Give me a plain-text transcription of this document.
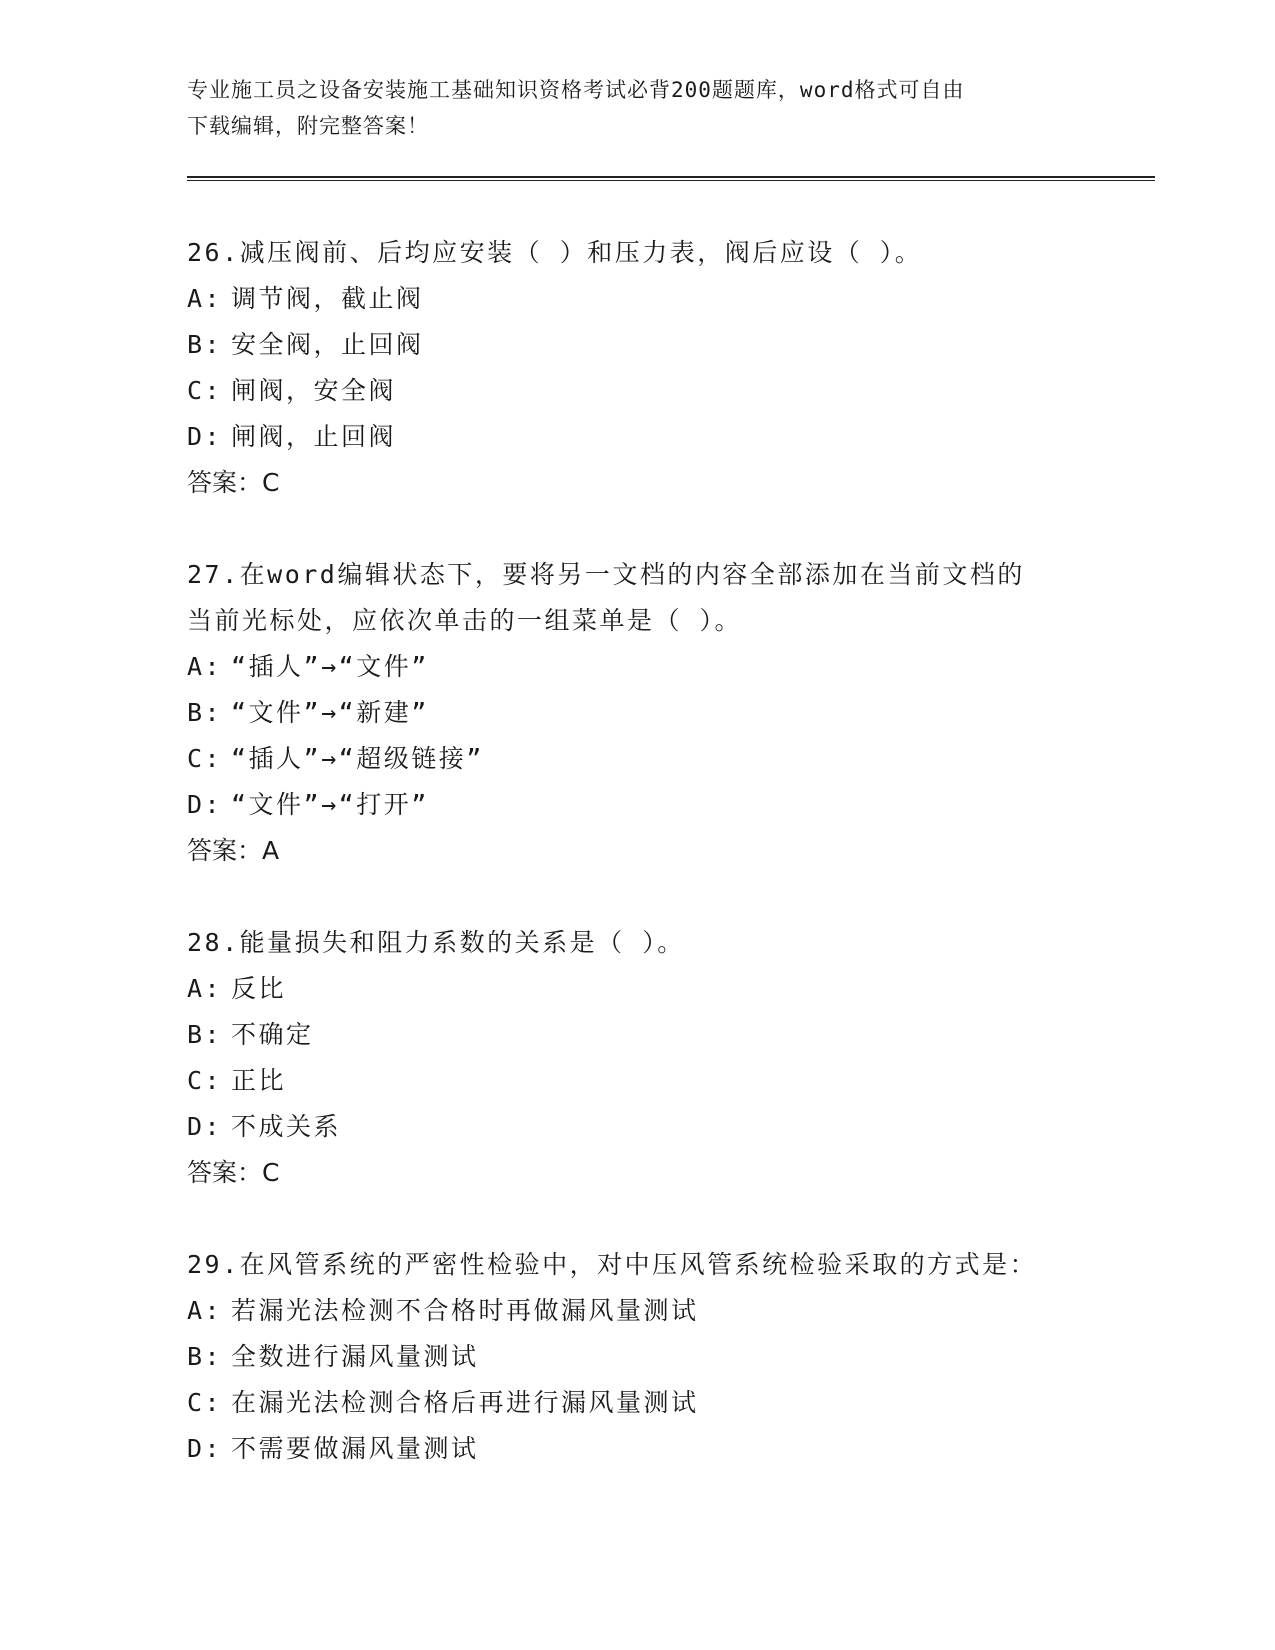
专业施工员之设备安装施工基础知识资格考试必背200题题库，word格式可自由
下载编辑，附完整答案！
26.减压阀前、后均应安装（ ）和压力表，阀后应设（ ）。
A: 调节阀，截止阀
B: 安全阀，止回阀
C: 闸阀，安全阀
D: 闸阀，止回阀
答案：C
27.在word编辑状态下，要将另一文档的内容全部添加在当前文档的
当前光标处，应依次单击的一组菜单是（ ）。
A: “插人”→“文件”
B: “文件”→“新建”
C: “插人”→“超级链接”
D: “文件”→“打开”
答案：A
28.能量损失和阻力系数的关系是（ ）。
A: 反比
B: 不确定
C: 正比
D: 不成关系
答案：C
29.在风管系统的严密性检验中，对中压风管系统检验采取的方式是：
A: 若漏光法检测不合格时再做漏风量测试
B: 全数进行漏风量测试
C: 在漏光法检测合格后再进行漏风量测试
D: 不需要做漏风量测试
